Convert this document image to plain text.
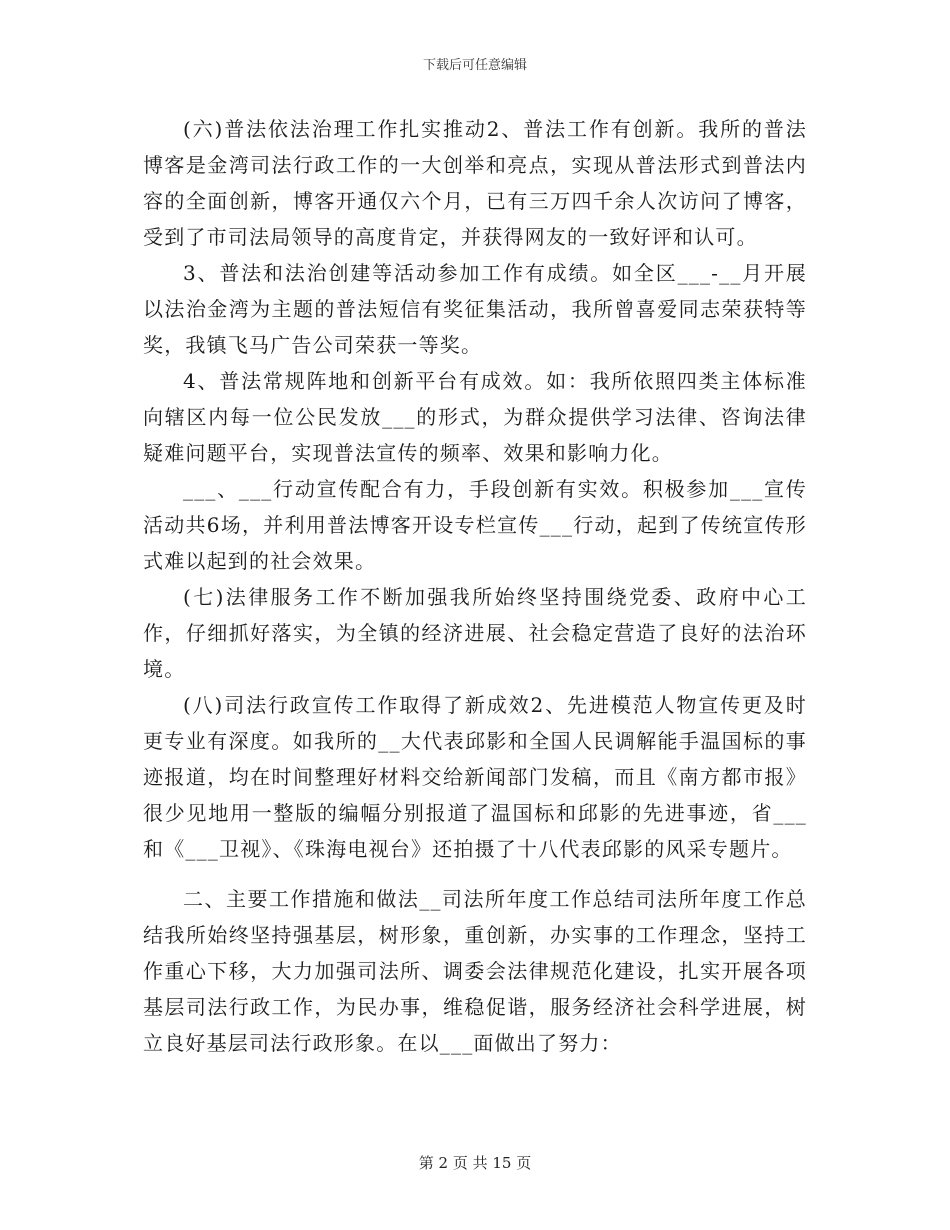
下载后可任意编辑

(六)普法依法治理工作扎实推动2、普法工作有创新。我所的普法博客是金湾司法行政工作的一大创举和亮点，实现从普法形式到普法内容的全面创新，博客开通仅六个月，已有三万四千余人次访问了博客，受到了市司法局领导的高度肯定，并获得网友的一致好评和认可。

3、普法和法治创建等活动参加工作有成绩。如全区___-__月开展以法治金湾为主题的普法短信有奖征集活动，我所曾喜爱同志荣获特等奖，我镇飞马广告公司荣获一等奖。

4、普法常规阵地和创新平台有成效。如：我所依照四类主体标准向辖区内每一位公民发放___的形式，为群众提供学习法律、咨询法律疑难问题平台，实现普法宣传的频率、效果和影响力化。

___、___行动宣传配合有力，手段创新有实效。积极参加___宣传活动共6场，并利用普法博客开设专栏宣传___行动，起到了传统宣传形式难以起到的社会效果。

(七)法律服务工作不断加强我所始终坚持围绕党委、政府中心工作，仔细抓好落实，为全镇的经济进展、社会稳定营造了良好的法治环境。

(八)司法行政宣传工作取得了新成效2、先进模范人物宣传更及时更专业有深度。如我所的__大代表邱影和全国人民调解能手温国标的事迹报道，均在时间整理好材料交给新闻部门发稿，而且《南方都市报》很少见地用一整版的编幅分别报道了温国标和邱影的先进事迹，省___和《___卫视》、《珠海电视台》还拍摄了十八代表邱影的风采专题片。

二、主要工作措施和做法__司法所年度工作总结司法所年度工作总结我所始终坚持强基层，树形象，重创新，办实事的工作理念，坚持工作重心下移，大力加强司法所、调委会法律规范化建设，扎实开展各项基层司法行政工作，为民办事，维稳促谐，服务经济社会科学进展，树立良好基层司法行政形象。在以___面做出了努力：

第 2 页 共 15 页
